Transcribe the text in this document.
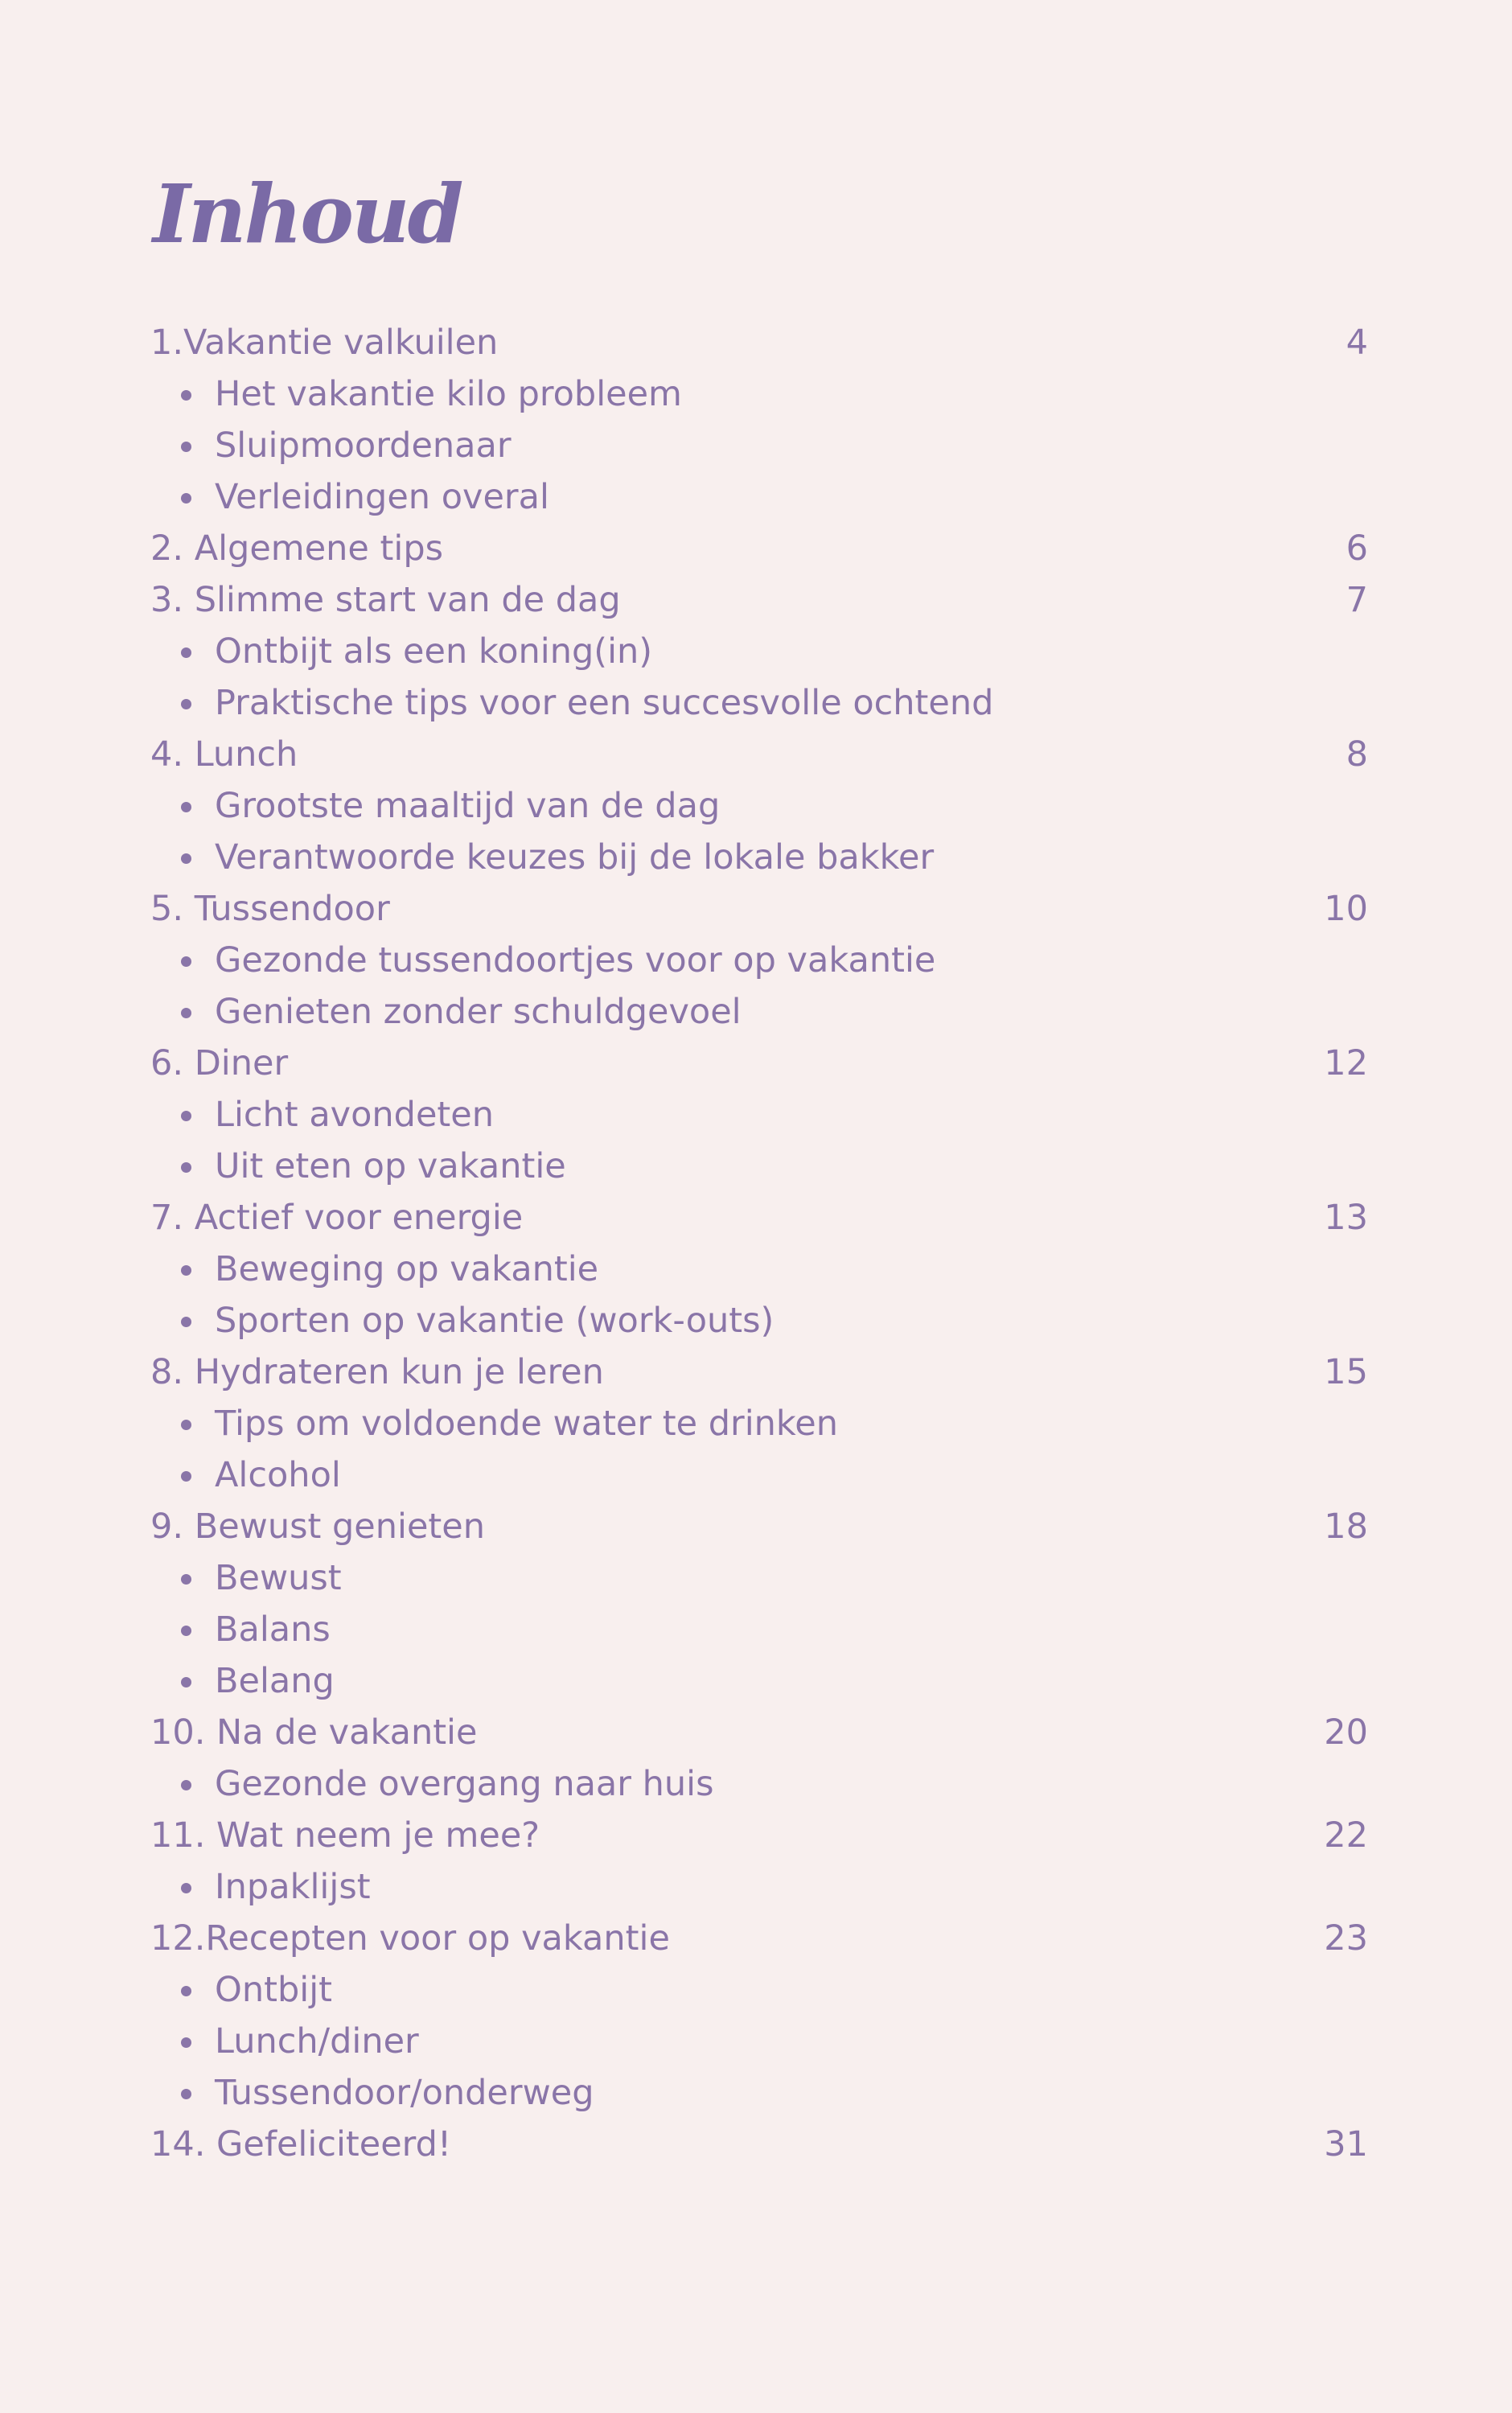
Inhoud
1.Vakantie valkuilen	4
Het vakantie kilo probleem
Sluipmoordenaar
Verleidingen overal
2. Algemene tips	6
3. Slimme start van de dag	7
Ontbijt als een koning(in)
Praktische tips voor een succesvolle ochtend
4. Lunch	8
Grootste maaltijd van de dag
Verantwoorde keuzes bij de lokale bakker
5. Tussendoor	10
Gezonde tussendoortjes voor op vakantie
Genieten zonder schuldgevoel
6. Diner	12
Licht avondeten
Uit eten op vakantie
7. Actief voor energie	13
Beweging op vakantie
Sporten op vakantie (work-outs)
8. Hydrateren kun je leren	15
Tips om voldoende water te drinken
Alcohol
9. Bewust genieten	18
Bewust
Balans
Belang
10. Na de vakantie	20
Gezonde overgang naar huis
11. Wat neem je mee?	22
Inpaklijst
12.Recepten voor op vakantie	23
Ontbijt
Lunch/diner
Tussendoor/onderweg
14. Gefeliciteerd!	31
